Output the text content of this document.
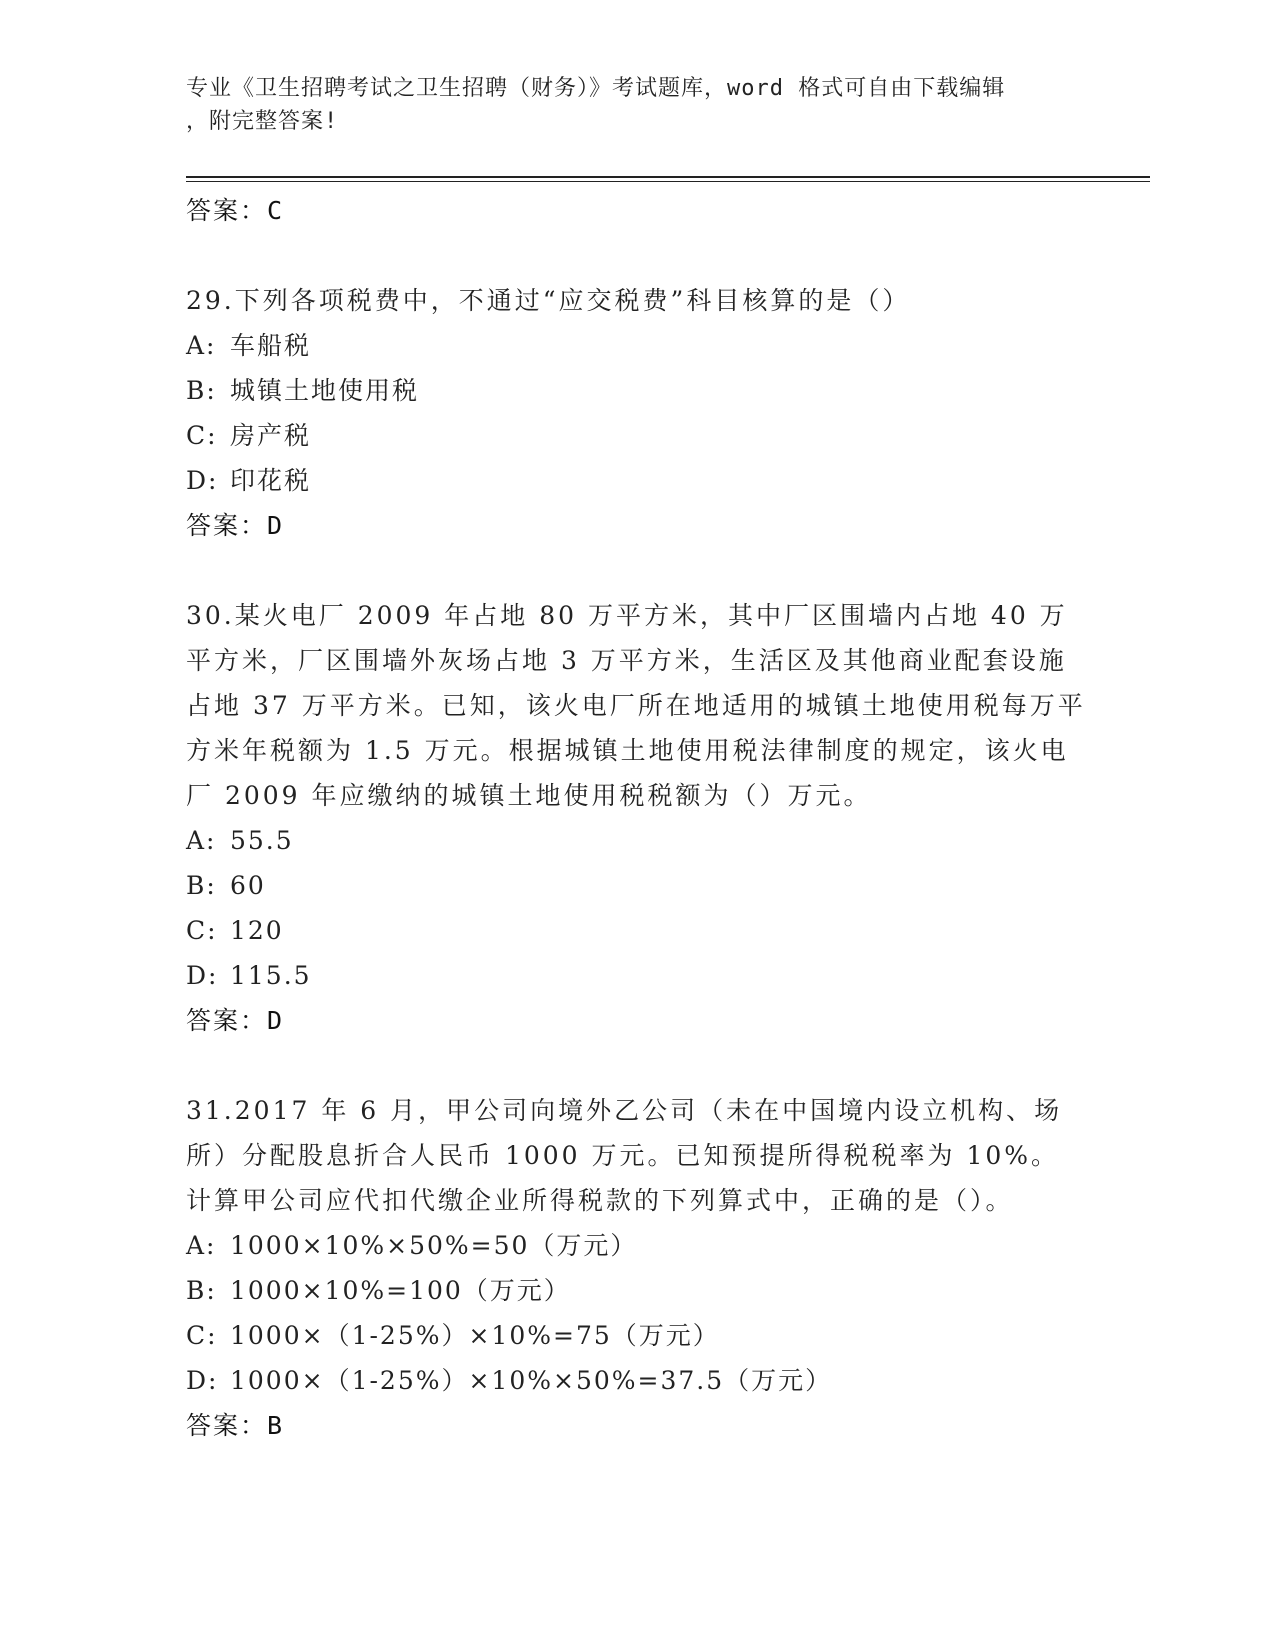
专业《卫生招聘考试之卫生招聘（财务）》考试题库，word 格式可自由下载编辑
，附完整答案!
答案：C

29.下列各项税费中，不通过“应交税费”科目核算的是（）

A: 车船税
B: 城镇土地使用税
C: 房产税
D: 印花税
答案：D

30.某火电厂 2009 年占地 80 万平方米，其中厂区围墙内占地 40 万平方米，厂区围墙外灰场占地 3 万平方米，生活区及其他商业配套设施占地 37 万平方米。已知，该火电厂所在地适用的城镇土地使用税每万平方米年税额为 1.5 万元。根据城镇土地使用税法律制度的规定，该火电厂 2009 年应缴纳的城镇土地使用税税额为（）万元。

A: 55.5
B: 60
C: 120
D: 115.5
答案：D

31.2017 年 6 月，甲公司向境外乙公司（未在中国境内设立机构、场所）分配股息折合人民币 1000 万元。已知预提所得税税率为 10%。计算甲公司应代扣代缴企业所得税款的下列算式中，正确的是（）。

A: 1000×10%×50%=50（万元）
B: 1000×10%=100（万元）
C: 1000×（1-25%）×10%=75（万元）
D: 1000×（1-25%）×10%×50%=37.5（万元）
答案：B
